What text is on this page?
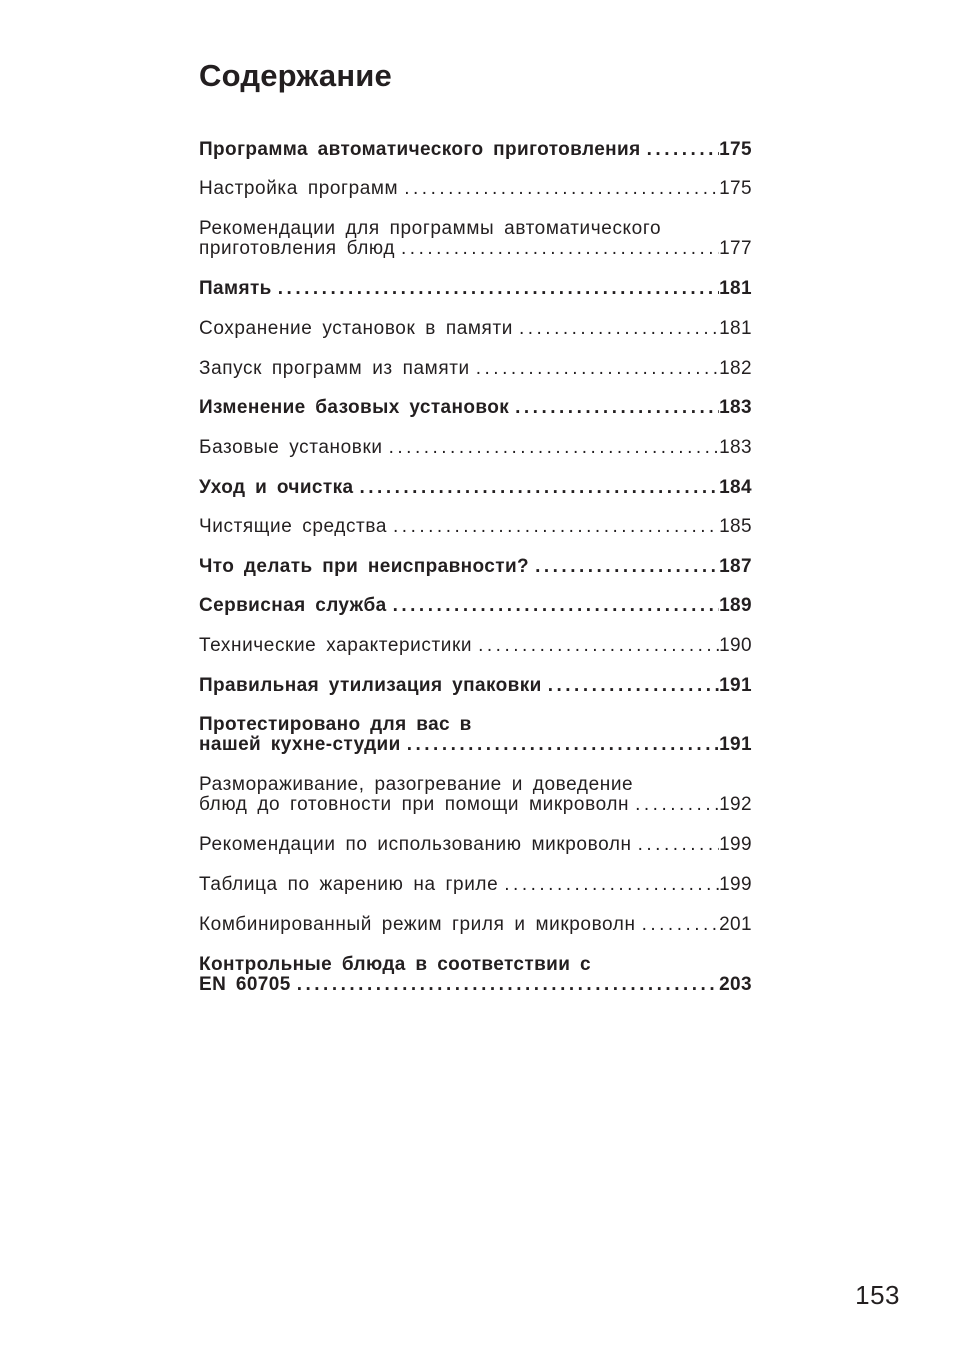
Содержание
Программа автоматического приготовления .....	175
Настройка программ .....	175
Рекомендации для программы автоматического
приготовления блюд .....	177
Память .....	181
Сохранение установок в памяти .....	181
Запуск программ из памяти .....	182
Изменение базовых установок .....	183
Базовые установки .....	183
Уход и очистка .....	184
Чистящие средства .....	185
Что делать при неисправности? .....	187
Сервисная служба .....	189
Технические характеристики .....	190
Правильная утилизация упаковки .....	191
Протестировано для вас в
нашей кухне-студии .....	191
Размораживание, разогревание и доведение
блюд до готовности при помощи микроволн .....	192
Рекомендации по использованию микроволн .....	199
Таблица по жарению на гриле .....	199
Комбинированный режим гриля и микроволн .....	201
Контрольные блюда в соответствии с
EN 60705 .....	203
153
